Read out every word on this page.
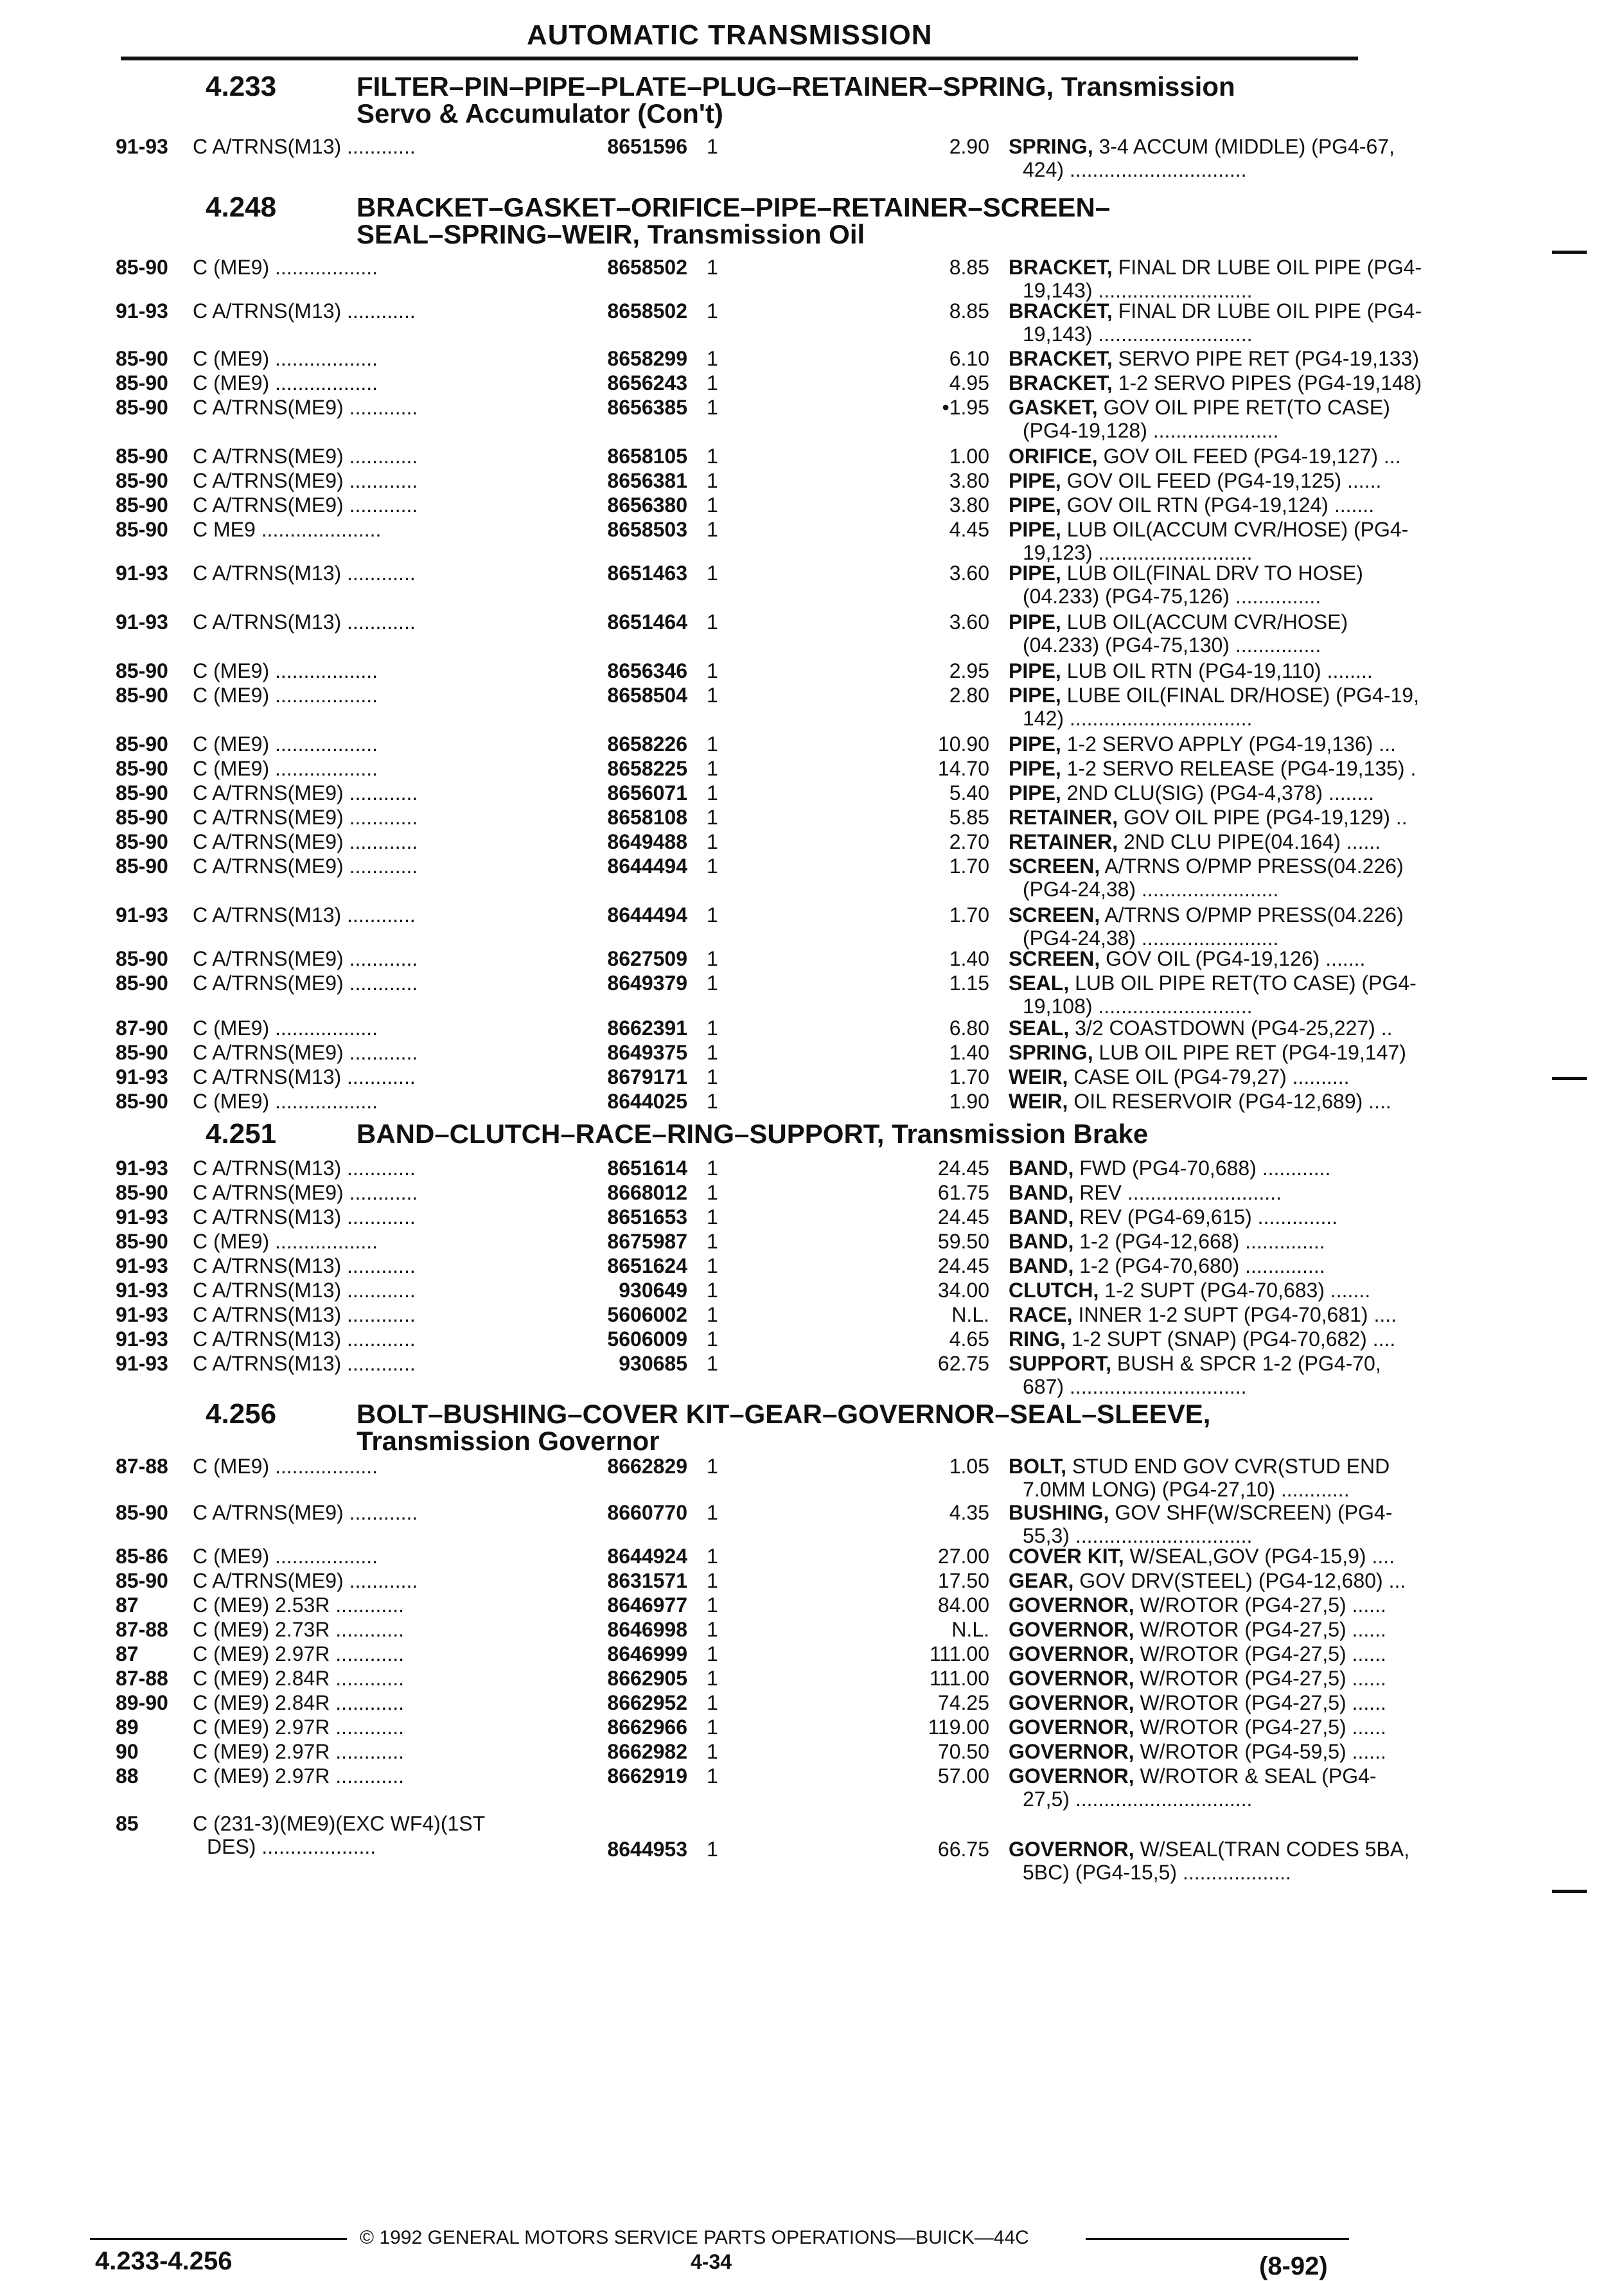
AUTOMATIC TRANSMISSION
4.233	FILTER–PIN–PIPE–PLATE–PLUG–RETAINER–SPRING, Transmission
Servo & Accumulator (Con't)
91-93 C A/TRNS(M13) ............	8651596 1	2.90 SPRING, 3-4 ACCUM (MIDDLE) (PG4-67,
424) ...............................
4.248	BRACKET–GASKET–ORIFICE–PIPE–RETAINER–SCREEN–
SEAL–SPRING–WEIR, Transmission Oil
85-90 C (ME9) ..................	8658502 1	8.85 BRACKET, FINAL DR LUBE OIL PIPE (PG4-
19,143) ...........................
91-93 C A/TRNS(M13) ............	8658502 1	8.85 BRACKET, FINAL DR LUBE OIL PIPE (PG4-
19,143) ...........................
85-90 C (ME9) ..................	8658299 1	6.10 BRACKET, SERVO PIPE RET (PG4-19,133)
85-90 C (ME9) ..................	8656243 1	4.95 BRACKET, 1-2 SERVO PIPES (PG4-19,148)
85-90 C A/TRNS(ME9) ............	8656385 1	•1.95 GASKET, GOV OIL PIPE RET(TO CASE)
(PG4-19,128) ......................
85-90 C A/TRNS(ME9) ............	8658105 1	1.00 ORIFICE, GOV OIL FEED (PG4-19,127) ...
85-90 C A/TRNS(ME9) ............	8656381 1	3.80 PIPE, GOV OIL FEED (PG4-19,125) ......
85-90 C A/TRNS(ME9) ............	8656380 1	3.80 PIPE, GOV OIL RTN (PG4-19,124) .......
85-90 C ME9 .....................	8658503 1	4.45 PIPE, LUB OIL(ACCUM CVR/HOSE) (PG4-
19,123) ...........................
91-93 C A/TRNS(M13) ............	8651463 1	3.60 PIPE, LUB OIL(FINAL DRV TO HOSE)
(04.233) (PG4-75,126) ...............
91-93 C A/TRNS(M13) ............	8651464 1	3.60 PIPE, LUB OIL(ACCUM CVR/HOSE)
(04.233) (PG4-75,130) ...............
85-90 C (ME9) ..................	8656346 1	2.95 PIPE, LUB OIL RTN (PG4-19,110) ........
85-90 C (ME9) ..................	8658504 1	2.80 PIPE, LUBE OIL(FINAL DR/HOSE) (PG4-19,
142) ................................
85-90 C (ME9) ..................	8658226 1	10.90 PIPE, 1-2 SERVO APPLY (PG4-19,136) ...
85-90 C (ME9) ..................	8658225 1	14.70 PIPE, 1-2 SERVO RELEASE (PG4-19,135) .
85-90 C A/TRNS(ME9) ............	8656071 1	5.40 PIPE, 2ND CLU(SIG) (PG4-4,378) ........
85-90 C A/TRNS(ME9) ............	8658108 1	5.85 RETAINER, GOV OIL PIPE (PG4-19,129) ..
85-90 C A/TRNS(ME9) ............	8649488 1	2.70 RETAINER, 2ND CLU PIPE(04.164) ......
85-90 C A/TRNS(ME9) ............	8644494 1	1.70 SCREEN, A/TRNS O/PMP PRESS(04.226)
(PG4-24,38) ........................
91-93 C A/TRNS(M13) ............	8644494 1	1.70 SCREEN, A/TRNS O/PMP PRESS(04.226)
(PG4-24,38) ........................
85-90 C A/TRNS(ME9) ............	8627509 1	1.40 SCREEN, GOV OIL (PG4-19,126) .......
85-90 C A/TRNS(ME9) ............	8649379 1	1.15 SEAL, LUB OIL PIPE RET(TO CASE) (PG4-
19,108) ...........................
87-90 C (ME9) ..................	8662391 1	6.80 SEAL, 3/2 COASTDOWN (PG4-25,227) ..
85-90 C A/TRNS(ME9) ............	8649375 1	1.40 SPRING, LUB OIL PIPE RET (PG4-19,147)
91-93 C A/TRNS(M13) ............	8679171 1	1.70 WEIR, CASE OIL (PG4-79,27) ..........
85-90 C (ME9) ..................	8644025 1	1.90 WEIR, OIL RESERVOIR (PG4-12,689) ....
4.251	BAND–CLUTCH–RACE–RING–SUPPORT, Transmission Brake
91-93 C A/TRNS(M13) ............	8651614 1	24.45 BAND, FWD (PG4-70,688) ............
85-90 C A/TRNS(ME9) ............	8668012 1	61.75 BAND, REV ...........................
91-93 C A/TRNS(M13) ............	8651653 1	24.45 BAND, REV (PG4-69,615) ..............
85-90 C (ME9) ..................	8675987 1	59.50 BAND, 1-2 (PG4-12,668) ..............
91-93 C A/TRNS(M13) ............	8651624 1	24.45 BAND, 1-2 (PG4-70,680) ..............
91-93 C A/TRNS(M13) ............	930649 1	34.00 CLUTCH, 1-2 SUPT (PG4-70,683) .......
91-93 C A/TRNS(M13) ............	5606002 1	N.L. RACE, INNER 1-2 SUPT (PG4-70,681) ....
91-93 C A/TRNS(M13) ............	5606009 1	4.65 RING, 1-2 SUPT (SNAP) (PG4-70,682) ....
91-93 C A/TRNS(M13) ............	930685 1	62.75 SUPPORT, BUSH & SPCR 1-2 (PG4-70,
687) ...............................
4.256	BOLT–BUSHING–COVER KIT–GEAR–GOVERNOR–SEAL–SLEEVE,
Transmission Governor
87-88 C (ME9) ..................	8662829 1	1.05 BOLT, STUD END GOV CVR(STUD END
7.0MM LONG) (PG4-27,10) ............
85-90 C A/TRNS(ME9) ............	8660770 1	4.35 BUSHING, GOV SHF(W/SCREEN) (PG4-
55,3) ...............................
85-86 C (ME9) ..................	8644924 1	27.00 COVER KIT, W/SEAL,GOV (PG4-15,9) ....
85-90 C A/TRNS(ME9) ............	8631571 1	17.50 GEAR, GOV DRV(STEEL) (PG4-12,680) ...
87	C (ME9) 2.53R ............	8646977 1	84.00 GOVERNOR, W/ROTOR (PG4-27,5) ......
87-88 C (ME9) 2.73R ............	8646998 1	N.L. GOVERNOR, W/ROTOR (PG4-27,5) ......
87	C (ME9) 2.97R ............	8646999 1	111.00 GOVERNOR, W/ROTOR (PG4-27,5) ......
87-88 C (ME9) 2.84R ............	8662905 1	111.00 GOVERNOR, W/ROTOR (PG4-27,5) ......
89-90 C (ME9) 2.84R ............	8662952 1	74.25 GOVERNOR, W/ROTOR (PG4-27,5) ......
89	C (ME9) 2.97R ............	8662966 1	119.00 GOVERNOR, W/ROTOR (PG4-27,5) ......
90	C (ME9) 2.97R ............	8662982 1	70.50 GOVERNOR, W/ROTOR (PG4-59,5) ......
88	C (ME9) 2.97R ............	8662919 1	57.00 GOVERNOR, W/ROTOR & SEAL (PG4-
27,5) ...............................
85	C (231-3)(ME9)(EXC WF4)(1ST
DES) ....................	8644953 1	66.75 GOVERNOR, W/SEAL(TRAN CODES 5BA,
5BC) (PG4-15,5) ...................
© 1992 GENERAL MOTORS SERVICE PARTS OPERATIONS—BUICK—44C
4.233-4.256	4-34	(8-92)
